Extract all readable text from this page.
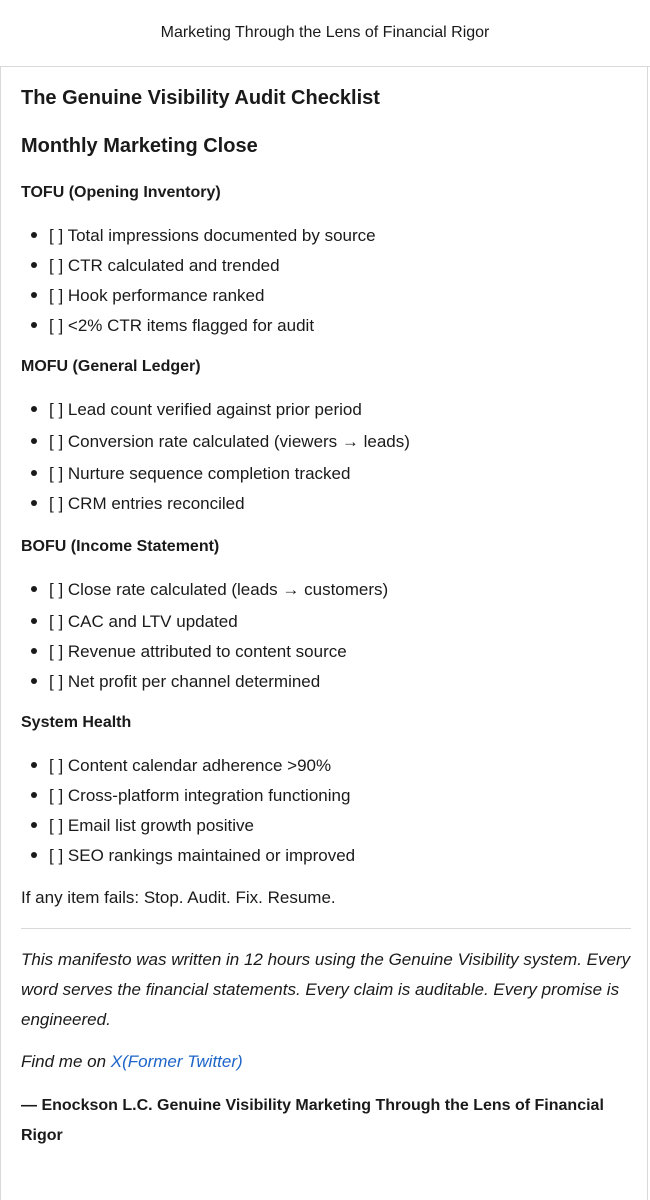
Marketing Through the Lens of Financial Rigor
The Genuine Visibility Audit Checklist
Monthly Marketing Close
TOFU (Opening Inventory)
[ ] Total impressions documented by source
[ ] CTR calculated and trended
[ ] Hook performance ranked
[ ] <2% CTR items flagged for audit
MOFU (General Ledger)
[ ] Lead count verified against prior period
[ ] Conversion rate calculated (viewers → leads)
[ ] Nurture sequence completion tracked
[ ] CRM entries reconciled
BOFU (Income Statement)
[ ] Close rate calculated (leads → customers)
[ ] CAC and LTV updated
[ ] Revenue attributed to content source
[ ] Net profit per channel determined
System Health
[ ] Content calendar adherence >90%
[ ] Cross-platform integration functioning
[ ] Email list growth positive
[ ] SEO rankings maintained or improved
If any item fails: Stop. Audit. Fix. Resume.
This manifesto was written in 12 hours using the Genuine Visibility system. Every word serves the financial statements. Every claim is auditable. Every promise is engineered.
Find me on X(Former Twitter)
— Enockson L.C. Genuine Visibility Marketing Through the Lens of Financial Rigor
